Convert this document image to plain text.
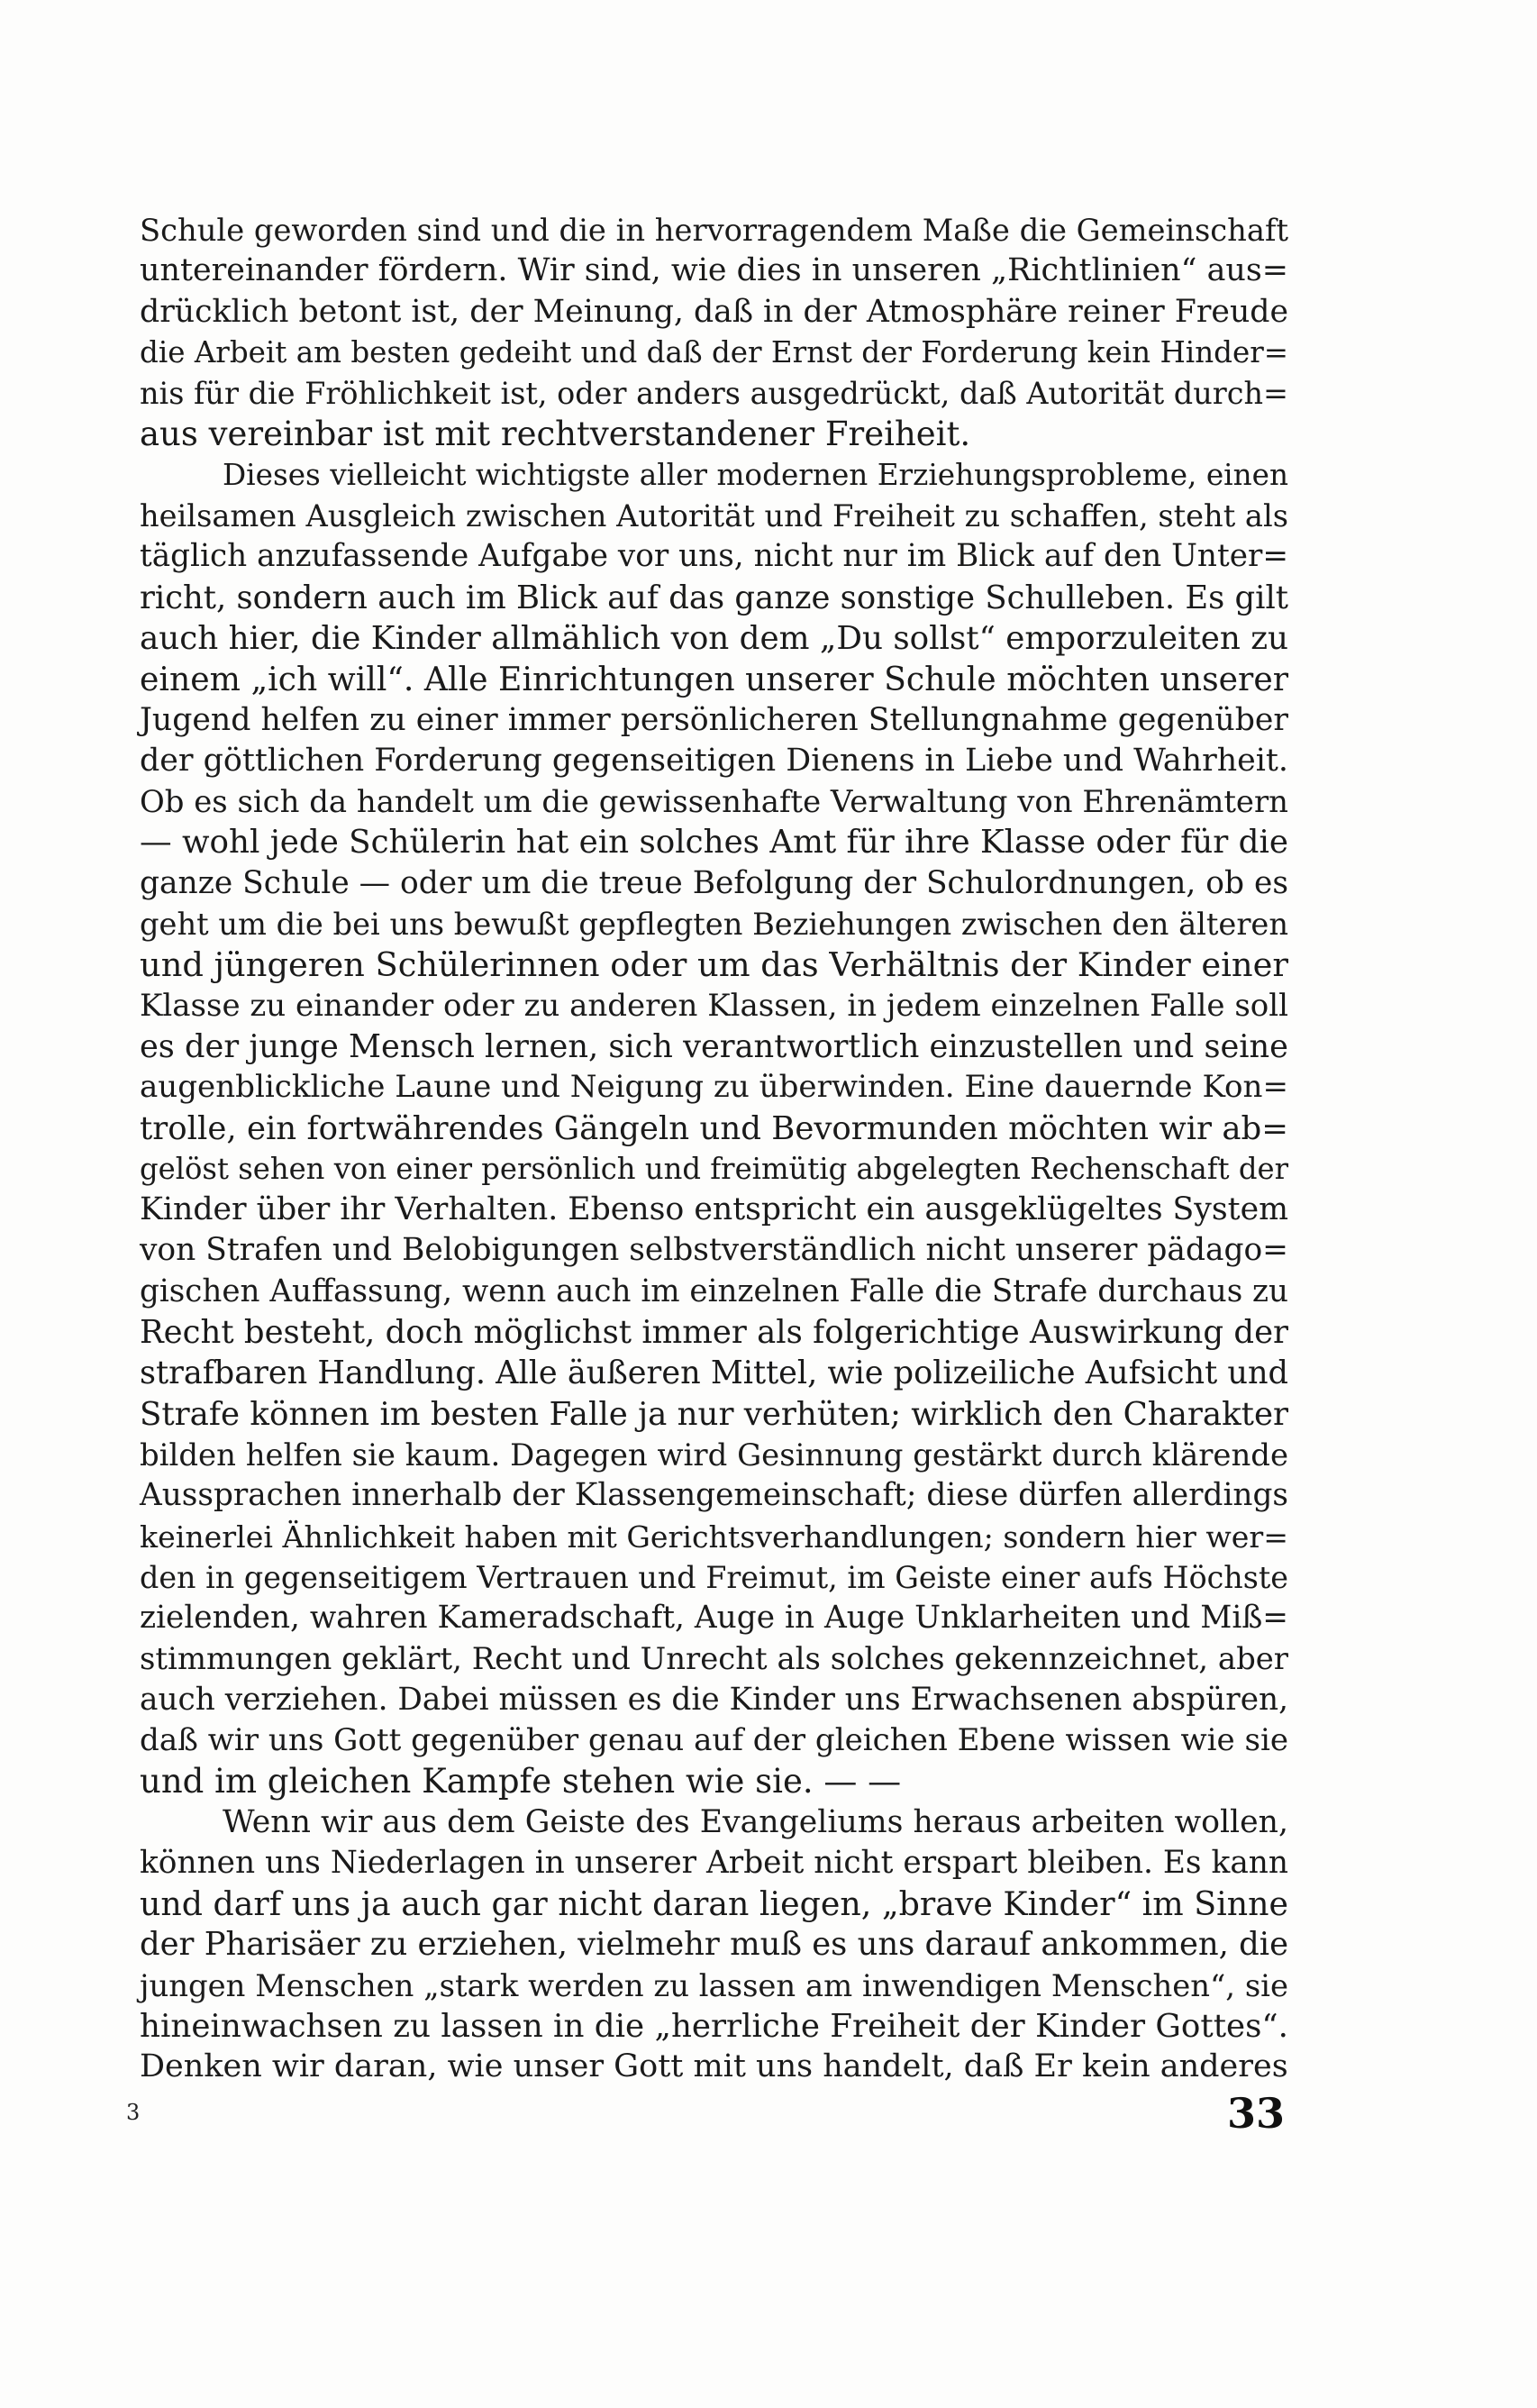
Schule geworden sind und die in hervorragendem Maße die Gemeinschaft
untereinander fördern. Wir sind, wie dies in unseren „Richtlinien“ aus=
drücklich betont ist, der Meinung, daß in der Atmosphäre reiner Freude
die Arbeit am besten gedeiht und daß der Ernst der Forderung kein Hinder=
nis für die Fröhlichkeit ist, oder anders ausgedrückt, daß Autorität durch=
aus vereinbar ist mit rechtverstandener Freiheit.
Dieses vielleicht wichtigste aller modernen Erziehungsprobleme, einen
heilsamen Ausgleich zwischen Autorität und Freiheit zu schaffen, steht als
täglich anzufassende Aufgabe vor uns, nicht nur im Blick auf den Unter=
richt, sondern auch im Blick auf das ganze sonstige Schulleben. Es gilt
auch hier, die Kinder allmählich von dem „Du sollst“ emporzuleiten zu
einem „ich will“. Alle Einrichtungen unserer Schule möchten unserer
Jugend helfen zu einer immer persönlicheren Stellungnahme gegenüber
der göttlichen Forderung gegenseitigen Dienens in Liebe und Wahrheit.
Ob es sich da handelt um die gewissenhafte Verwaltung von Ehrenämtern
— wohl jede Schülerin hat ein solches Amt für ihre Klasse oder für die
ganze Schule — oder um die treue Befolgung der Schulordnungen, ob es
geht um die bei uns bewußt gepflegten Beziehungen zwischen den älteren
und jüngeren Schülerinnen oder um das Verhältnis der Kinder einer
Klasse zu einander oder zu anderen Klassen, in jedem einzelnen Falle soll
es der junge Mensch lernen, sich verantwortlich einzustellen und seine
augenblickliche Laune und Neigung zu überwinden. Eine dauernde Kon=
trolle, ein fortwährendes Gängeln und Bevormunden möchten wir ab=
gelöst sehen von einer persönlich und freimütig abgelegten Rechenschaft der
Kinder über ihr Verhalten. Ebenso entspricht ein ausgeklügeltes System
von Strafen und Belobigungen selbstverständlich nicht unserer pädago=
gischen Auffassung, wenn auch im einzelnen Falle die Strafe durchaus zu
Recht besteht, doch möglichst immer als folgerichtige Auswirkung der
strafbaren Handlung. Alle äußeren Mittel, wie polizeiliche Aufsicht und
Strafe können im besten Falle ja nur verhüten; wirklich den Charakter
bilden helfen sie kaum. Dagegen wird Gesinnung gestärkt durch klärende
Aussprachen innerhalb der Klassengemeinschaft; diese dürfen allerdings
keinerlei Ähnlichkeit haben mit Gerichtsverhandlungen; sondern hier wer=
den in gegenseitigem Vertrauen und Freimut, im Geiste einer aufs Höchste
zielenden, wahren Kameradschaft, Auge in Auge Unklarheiten und Miß=
stimmungen geklärt, Recht und Unrecht als solches gekennzeichnet, aber
auch verziehen. Dabei müssen es die Kinder uns Erwachsenen abspüren,
daß wir uns Gott gegenüber genau auf der gleichen Ebene wissen wie sie
und im gleichen Kampfe stehen wie sie. — —
Wenn wir aus dem Geiste des Evangeliums heraus arbeiten wollen,
können uns Niederlagen in unserer Arbeit nicht erspart bleiben. Es kann
und darf uns ja auch gar nicht daran liegen, „brave Kinder“ im Sinne
der Pharisäer zu erziehen, vielmehr muß es uns darauf ankommen, die
jungen Menschen „stark werden zu lassen am inwendigen Menschen“, sie
hineinwachsen zu lassen in die „herrliche Freiheit der Kinder Gottes“.
Denken wir daran, wie unser Gott mit uns handelt, daß Er kein anderes
3	33
